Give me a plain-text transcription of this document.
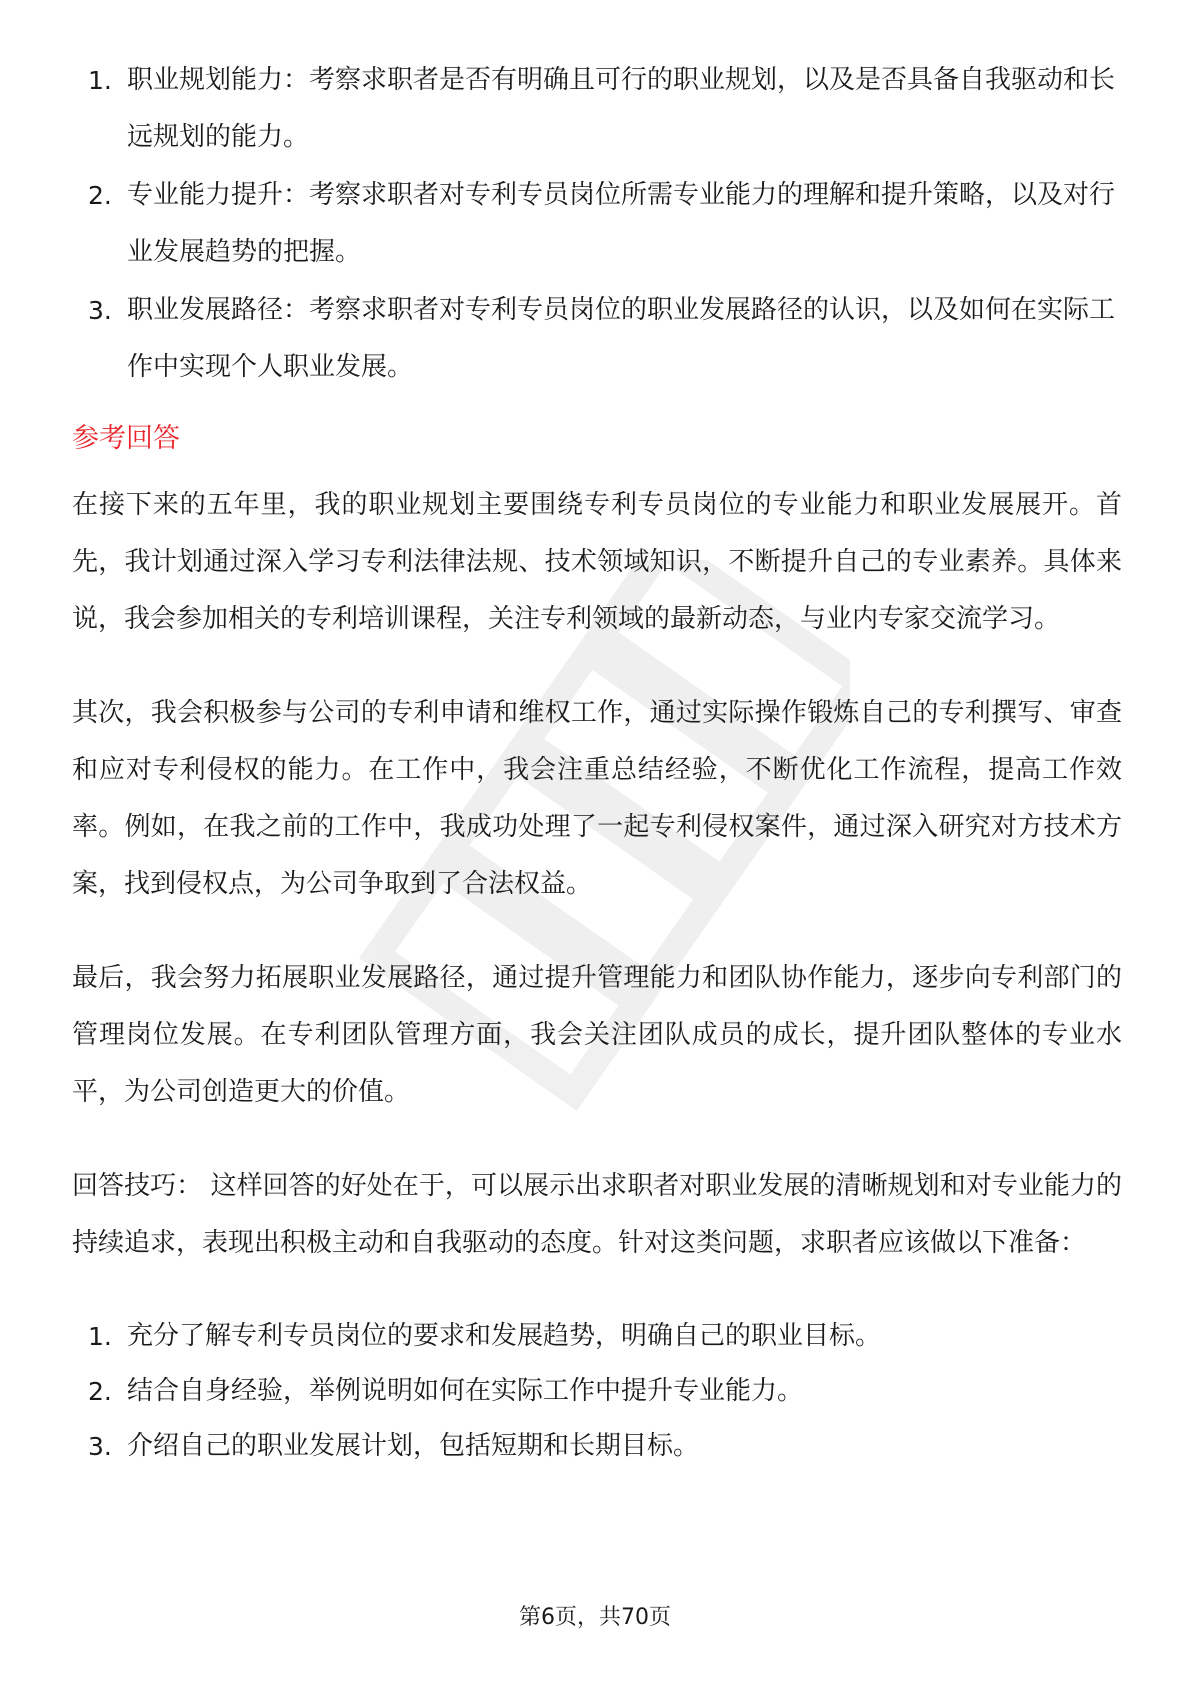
1. 职业规划能力：考察求职者是否有明确且可行的职业规划，以及是否具备自我驱动和长远规划的能力。
2. 专业能力提升：考察求职者对专利专员岗位所需专业能力的理解和提升策略，以及对行业发展趋势的把握。
3. 职业发展路径：考察求职者对专利专员岗位的职业发展路径的认识，以及如何在实际工作中实现个人职业发展。
参考回答

在接下来的五年里，我的职业规划主要围绕专利专员岗位的专业能力和职业发展展开。首先，我计划通过深入学习专利法律法规、技术领域知识，不断提升自己的专业素养。具体来说，我会参加相关的专利培训课程，关注专利领域的最新动态，与业内专家交流学习。

其次，我会积极参与公司的专利申请和维权工作，通过实际操作锻炼自己的专利撰写、审查和应对专利侵权的能力。在工作中，我会注重总结经验，不断优化工作流程，提高工作效率。例如，在我之前的工作中，我成功处理了一起专利侵权案件，通过深入研究对方技术方案，找到侵权点，为公司争取到了合法权益。

最后，我会努力拓展职业发展路径，通过提升管理能力和团队协作能力，逐步向专利部门的管理岗位发展。在专利团队管理方面，我会关注团队成员的成长，提升团队整体的专业水平，为公司创造更大的价值。

回答技巧： 这样回答的好处在于，可以展示出求职者对职业发展的清晰规划和对专业能力的持续追求，表现出积极主动和自我驱动的态度。针对这类问题，求职者应该做以下准备：

1. 充分了解专利专员岗位的要求和发展趋势，明确自己的职业目标。
2. 结合自身经验，举例说明如何在实际工作中提升专业能力。
3. 介绍自己的职业发展计划，包括短期和长期目标。
第6页，共70页
